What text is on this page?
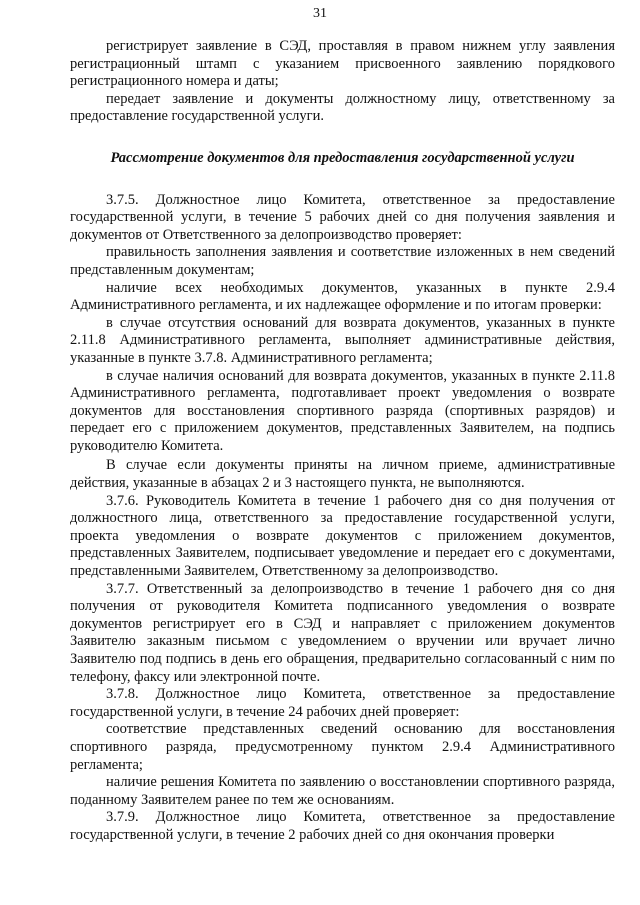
31

регистрирует заявление в СЭД, проставляя в правом нижнем углу заявления регистрационный штамп с указанием присвоенного заявлению порядкового регистрационного номера и даты;

передает заявление и документы должностному лицу, ответственному за предоставление государственной услуги.

Рассмотрение документов для предоставления государственной услуги

3.7.5. Должностное лицо Комитета, ответственное за предоставление государственной услуги, в течение 5 рабочих дней со дня получения заявления и документов от Ответственного за делопроизводство проверяет:

правильность заполнения заявления и соответствие изложенных в нем сведений представленным документам;

наличие всех необходимых документов, указанных в пункте 2.9.4 Административного регламента, и их надлежащее оформление и по итогам проверки:

в случае отсутствия оснований для возврата документов, указанных в пункте 2.11.8 Административного регламента, выполняет административные действия, указанные в пункте 3.7.8. Административного регламента;

в случае наличия оснований для возврата документов, указанных в пункте 2.11.8 Административного регламента, подготавливает проект уведомления о возврате документов для восстановления спортивного разряда (спортивных разрядов) и передает его с приложением документов, представленных Заявителем, на подпись руководителю Комитета.

В случае если документы приняты на личном приеме, административные действия, указанные в абзацах 2 и 3 настоящего пункта, не выполняются.

3.7.6. Руководитель Комитета в течение 1 рабочего дня со дня получения от должностного лица, ответственного за предоставление государственной услуги, проекта уведомления о возврате документов с приложением документов, представленных Заявителем, подписывает уведомление и передает его с документами, представленными Заявителем, Ответственному за делопроизводство.

3.7.7. Ответственный за делопроизводство в течение 1 рабочего дня со дня получения от руководителя Комитета подписанного уведомления о возврате документов регистрирует его в СЭД и направляет с приложением документов Заявителю заказным письмом с уведомлением о вручении или вручает лично Заявителю под подпись в день его обращения, предварительно согласованный с ним по телефону, факсу или электронной почте.

3.7.8. Должностное лицо Комитета, ответственное за предоставление государственной услуги, в течение 24 рабочих дней проверяет:

соответствие представленных сведений основанию для восстановления спортивного разряда, предусмотренному пунктом 2.9.4 Административного регламента;

наличие решения Комитета по заявлению о восстановлении спортивного разряда, поданному Заявителем ранее по тем же основаниям.

3.7.9. Должностное лицо Комитета, ответственное за предоставление государственной услуги, в течение 2 рабочих дней со дня окончания проверки
